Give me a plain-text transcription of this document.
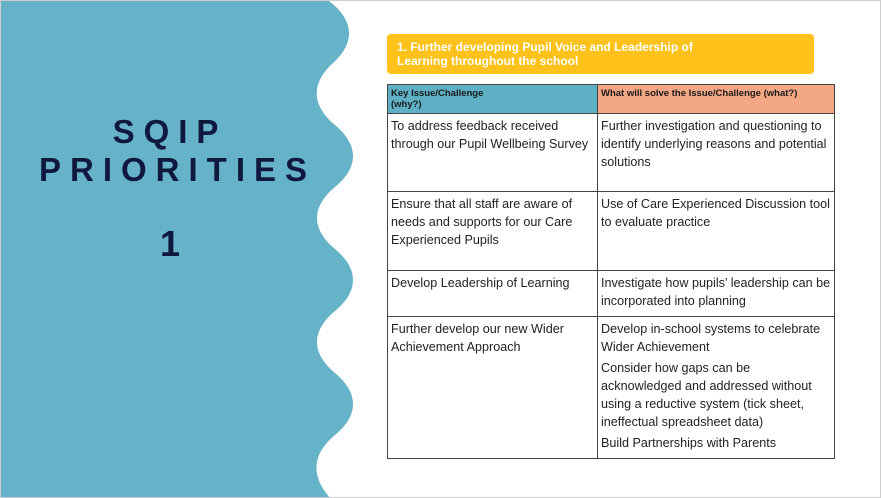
SQIP
PRIORITIES
1
1. Further developing Pupil Voice and Leadership of
Learning throughout the school
Key Issue/Challenge
(why?)	What will solve the Issue/Challenge (what?)
To address feedback received through our Pupil Wellbeing Survey	Further investigation and questioning to identify underlying reasons and potential solutions

Ensure that all staff are aware of needs and supports for our Care Experienced Pupils	Use of Care Experienced Discussion tool to evaluate practice

Develop Leadership of Learning	Investigate how pupils’ leadership can be incorporated into planning

Further develop our new Wider Achievement Approach	Develop in-school systems to celebrate Wider Achievement

Consider how gaps can be acknowledged and addressed without using a reductive system (tick sheet, ineffectual spreadsheet data)

Build Partnerships with Parents
